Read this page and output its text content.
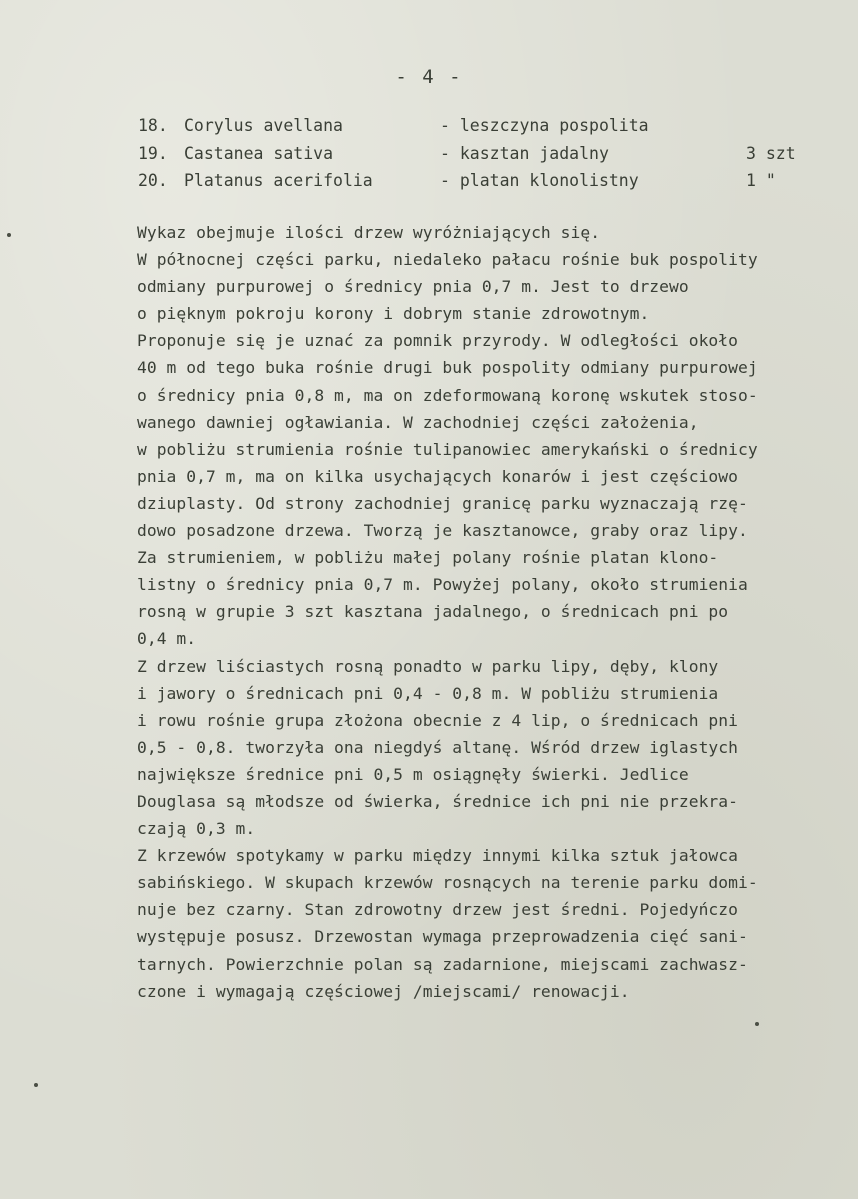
- 4 -
18. Corylus avellana	- leszczyna pospolita
19. Castanea sativa	- kasztan jadalny	3 szt
20. Platanus acerifolia	- platan klonolistny	1 "
Wykaz obejmuje ilości drzew wyróżniających się.
W północnej części parku, niedaleko pałacu rośnie buk pospolity
odmiany purpurowej o średnicy pnia 0,7 m. Jest to drzewo
o pięknym pokroju korony i dobrym stanie zdrowotnym.
Proponuje się je uznać za pomnik przyrody. W odległości około
40 m od tego buka rośnie drugi buk pospolity odmiany purpurowej
o średnicy pnia 0,8 m, ma on zdeformowaną koronę wskutek stoso-
wanego dawniej ogławiania. W zachodniej części założenia,
w pobliżu strumienia rośnie tulipanowiec amerykański o średnicy
pnia 0,7 m, ma on kilka usychających konarów i jest częściowo
dziuplasty. Od strony zachodniej granicę parku wyznaczają rzę-
dowo posadzone drzewa. Tworzą je kasztanowce, graby oraz lipy.
Za strumieniem, w pobliżu małej polany rośnie platan klono-
listny o średnicy pnia 0,7 m. Powyżej polany, około strumienia
rosną w grupie 3 szt kasztana jadalnego, o średnicach pni po
0,4 m.
Z drzew liściastych rosną ponadto w parku lipy, dęby, klony
i jawory o średnicach pni 0,4 - 0,8 m. W pobliżu strumienia
i rowu rośnie grupa złożona obecnie z 4 lip, o średnicach pni
0,5 - 0,8. tworzyła ona niegdyś altanę. Wśród drzew iglastych
największe średnice pni 0,5 m osiągnęły świerki. Jedlice
Douglasa są młodsze od świerka, średnice ich pni nie przekra-
czają 0,3 m.
Z krzewów spotykamy w parku między innymi kilka sztuk jałowca
sabińskiego. W skupach krzewów rosnących na terenie parku domi-
nuje bez czarny. Stan zdrowotny drzew jest średni. Pojedyńczo
występuje posusz. Drzewostan wymaga przeprowadzenia cięć sani-
tarnych. Powierzchnie polan są zadarnione, miejscami zachwasz-
czone i wymagają częściowej /miejscami/ renowacji.
